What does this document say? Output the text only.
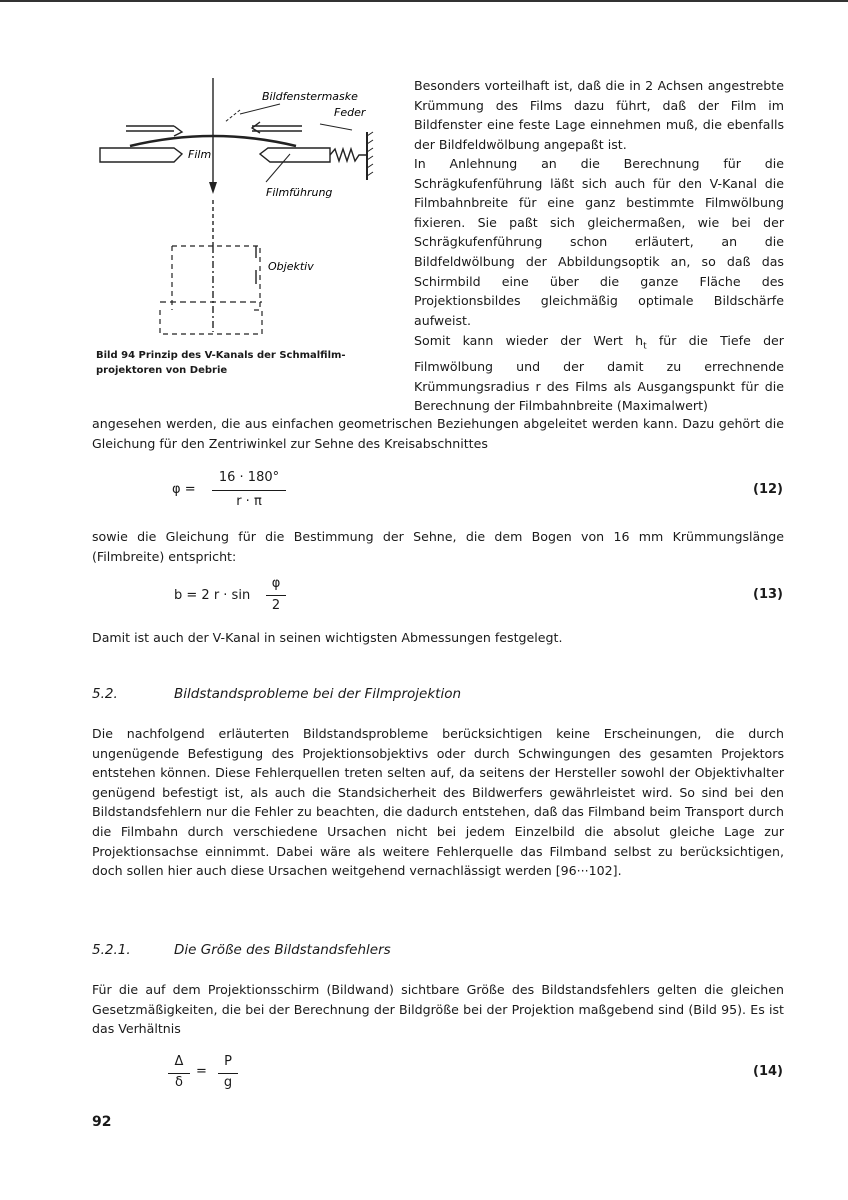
Bildfenstermaske
Feder
Film
Filmführung
Objektiv

Bild 94 Prinzip des V-Kanals der Schmalfilm-projektoren von Debrie

Besonders vorteilhaft ist, daß die in 2 Achsen angestrebte Krümmung des Films dazu führt, daß der Film im Bildfenster eine feste Lage einnehmen muß, die ebenfalls der Bildfeldwölbung angepaßt ist.

In Anlehnung an die Berechnung für die Schrägkufenführung läßt sich auch für den V-Kanal die Filmbahnbreite für eine ganz bestimmte Filmwölbung fixieren. Sie paßt sich gleichermaßen, wie bei der Schrägkufenführung schon erläutert, an die Bildfeldwölbung der Abbildungsoptik an, so daß das Schirmbild eine über die ganze Fläche des Projektionsbildes gleichmäßig optimale Bildschärfe aufweist.

Somit kann wieder der Wert $h_t$ für die Tiefe der Filmwölbung und der damit zu errechnende Krümmungsradius r des Films als Ausgangspunkt für die Berechnung der Filmbahnbreite (Maximalwert)

angesehen werden, die aus einfachen geometrischen Beziehungen abgeleitet werden kann. Dazu gehört die Gleichung für den Zentriwinkel zur Sehne des Kreisabschnittes

φ =
16 · 180°
r · π
(12)

sowie die Gleichung für die Bestimmung der Sehne, die dem Bogen von 16 mm Krümmungslänge (Filmbreite) entspricht:

b = 2 r · sin
φ
2
(13)

Damit ist auch der V-Kanal in seinen wichtigsten Abmessungen festgelegt.

5.2.	Bildstandsprobleme bei der Filmprojektion

Die nachfolgend erläuterten Bildstandsprobleme berücksichtigen keine Erscheinungen, die durch ungenügende Befestigung des Projektionsobjektivs oder durch Schwingungen des gesamten Projektors entstehen können. Diese Fehlerquellen treten selten auf, da seitens der Hersteller sowohl der Objektivhalter genügend befestigt ist, als auch die Standsicherheit des Bildwerfers gewährleistet wird. So sind bei den Bildstandsfehlern nur die Fehler zu beachten, die dadurch entstehen, daß das Filmband beim Transport durch die Filmbahn durch verschiedene Ursachen nicht bei jedem Einzelbild die absolut gleiche Lage zur Projektionsachse einnimmt. Dabei wäre als weitere Fehlerquelle das Filmband selbst zu berücksichtigen, doch sollen hier auch diese Ursachen weitgehend vernachlässigt werden [96···102].

5.2.1.	Die Größe des Bildstandsfehlers

Für die auf dem Projektionsschirm (Bildwand) sichtbare Größe des Bildstandsfehlers gelten die gleichen Gesetzmäßigkeiten, die bei der Berechnung der Bildgröße bei der Projektion maßgebend sind (Bild 95). Es ist das Verhältnis

Δ
δ
=
P
g
(14)
92
